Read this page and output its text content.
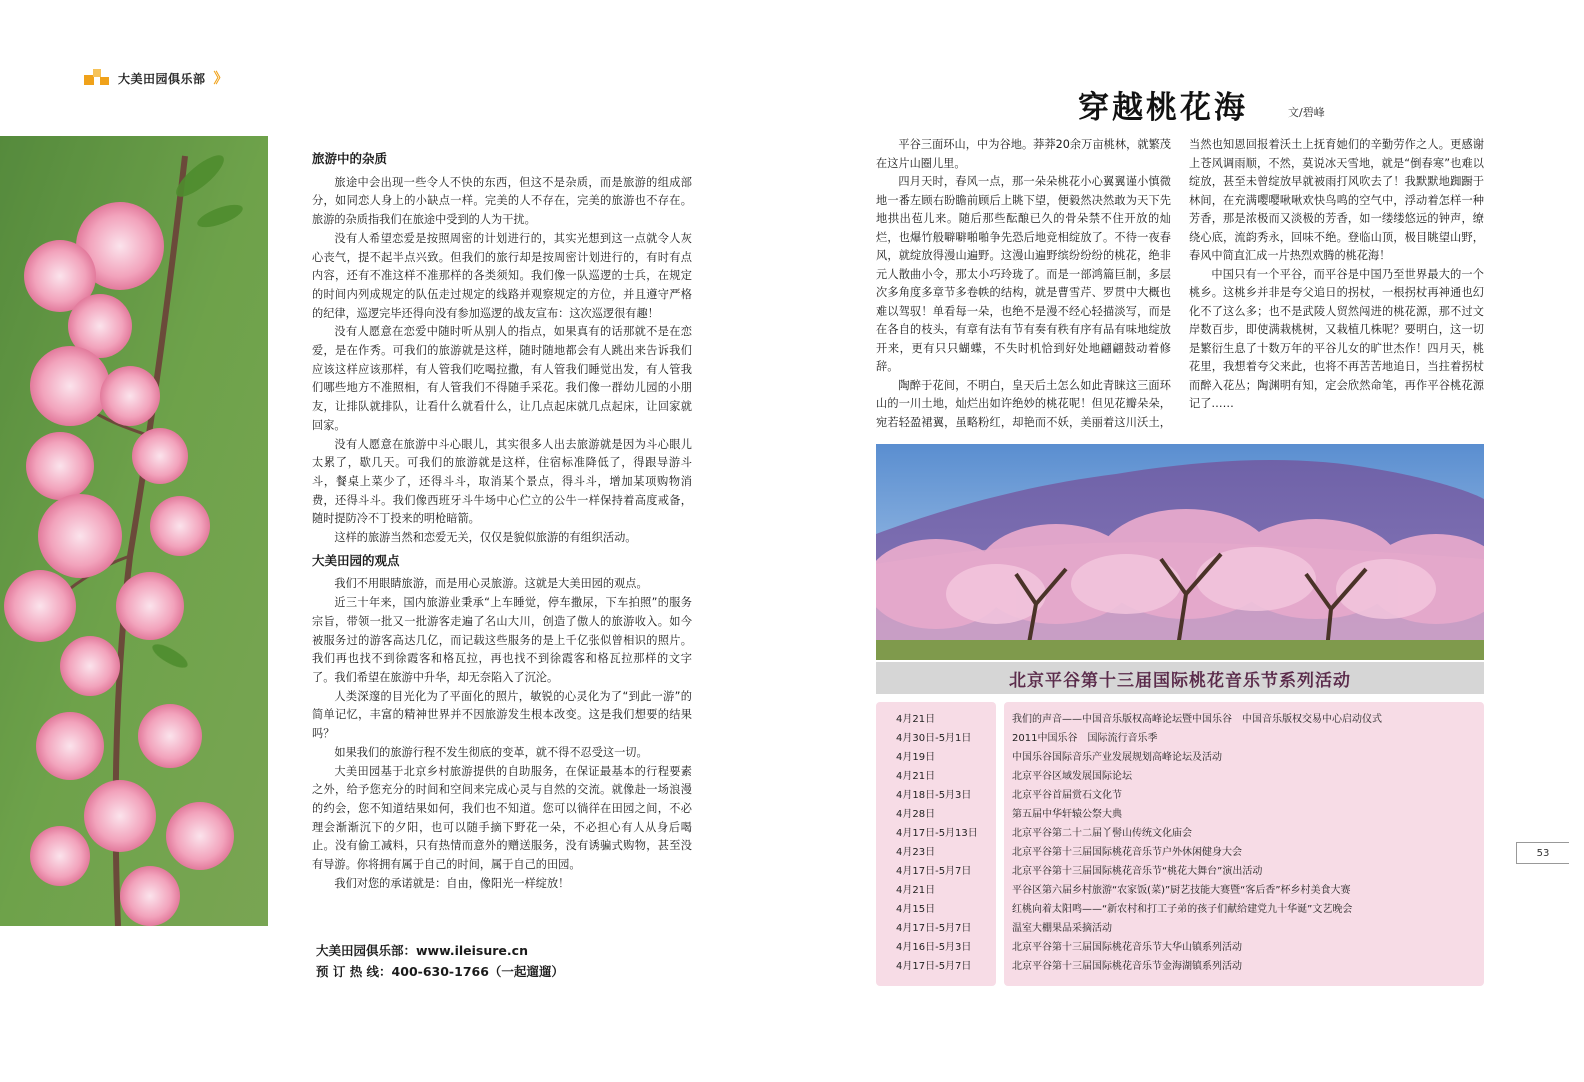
大美田园俱乐部 》

旅游中的杂质

旅途中会出现一些令人不快的东西，但这不是杂质，而是旅游的组成部分，如同恋人身上的小缺点一样。完美的人不存在，完美的旅游也不存在。旅游的杂质指我们在旅途中受到的人为干扰。

没有人希望恋爱是按照周密的计划进行的，其实光想到这一点就令人灰心丧气，提不起半点兴致。但我们的旅行却是按周密计划进行的，有时有点内容，还有不准这样不准那样的各类须知。我们像一队巡逻的士兵，在规定的时间内列成规定的队伍走过规定的线路并观察规定的方位，并且遵守严格的纪律，巡逻完毕还得向没有参加巡逻的战友宣布：这次巡逻很有趣！

没有人愿意在恋爱中随时听从别人的指点，如果真有的话那就不是在恋爱，是在作秀。可我们的旅游就是这样，随时随地都会有人跳出来告诉我们应该这样应该那样，有人管我们吃喝拉撒，有人管我们睡觉出发，有人管我们哪些地方不准照相，有人管我们不得随手采花。我们像一群幼儿园的小朋友，让排队就排队，让看什么就看什么，让几点起床就几点起床，让回家就回家。

没有人愿意在旅游中斗心眼儿，其实很多人出去旅游就是因为斗心眼儿太累了，歇几天。可我们的旅游就是这样，住宿标准降低了，得跟导游斗斗，餐桌上菜少了，还得斗斗，取消某个景点，得斗斗，增加某项购物消费，还得斗斗。我们像西班牙斗牛场中心伫立的公牛一样保持着高度戒备，随时提防冷不丁投来的明枪暗箭。

这样的旅游当然和恋爱无关，仅仅是貌似旅游的有组织活动。

大美田园的观点

我们不用眼睛旅游，而是用心灵旅游。这就是大美田园的观点。

近三十年来，国内旅游业秉承“上车睡觉，停车撒尿，下车拍照”的服务宗旨，带领一批又一批游客走遍了名山大川，创造了傲人的旅游收入。如今被服务过的游客高达几亿，而记载这些服务的是上千亿张似曾相识的照片。我们再也找不到徐霞客和格瓦拉，再也找不到徐霞客和格瓦拉那样的文字了。我们希望在旅游中升华，却无奈陷入了沉沦。

人类深邃的目光化为了平面化的照片，敏锐的心灵化为了“到此一游”的简单记忆，丰富的精神世界并不因旅游发生根本改变。这是我们想要的结果吗？

如果我们的旅游行程不发生彻底的变革，就不得不忍受这一切。

大美田园基于北京乡村旅游提供的自助服务，在保证最基本的行程要素之外，给予您充分的时间和空间来完成心灵与自然的交流。就像赴一场浪漫的约会，您不知道结果如何，我们也不知道。您可以徜徉在田园之间，不必理会渐渐沉下的夕阳，也可以随手摘下野花一朵，不必担心有人从身后喝止。没有偷工减料，只有热情而意外的赠送服务，没有诱骗式购物，甚至没有导游。你将拥有属于自己的时间，属于自己的田园。

我们对您的承诺就是：自由，像阳光一样绽放！

大美田园俱乐部：www.ileisure.cn
预 订 热 线：400-630-1766（一起遛遛）
穿越桃花海	文/碧峰

平谷三面环山，中为谷地。莽莽20余万亩桃林，就繁茂在这片山圈儿里。

四月天时，春风一点，那一朵朵桃花小心翼翼谨小慎微地一番左顾右盼瞻前顾后上眺下望，便毅然决然敢为天下先地拱出苞儿来。随后那些酝酿已久的骨朵禁不住开放的灿烂，也爆竹般噼噼啪啪争先恐后地竞相绽放了。不待一夜春风，就绽放得漫山遍野。这漫山遍野缤纷纷纷的桃花，绝非元人散曲小令，那太小巧玲珑了。而是一部鸿篇巨制，多层次多角度多章节多卷帙的结构，就是曹雪芹、罗贯中大概也难以驾驭！单看每一朵，也绝不是漫不经心轻描淡写，而是在各自的枝头，有章有法有节有奏有秩有序有品有味地绽放开来，更有只只蝴蝶，不失时机恰到好处地翩翩鼓动着修辞。

陶醉于花间，不明白，皇天后土怎么如此青睐这三面环山的一川土地，灿烂出如许绝妙的桃花呢！但见花瓣朵朵，宛若轻盈裙翼，虽略粉红，却艳而不妖，美丽着这川沃土，当然也知恩回报着沃土上抚育她们的辛勤劳作之人。更感谢上苍风调雨顺，不然，莫说冰天雪地，就是“倒春寒”也难以绽放，甚至未曾绽放早就被雨打风吹去了！我默默地踟蹰于林间，在充满嘤嘤啾啾欢快鸟鸣的空气中，浮动着怎样一种芳香，那是浓极而又淡极的芳香，如一缕缕悠远的钟声，缭绕心底，流韵秀永，回味不绝。登临山顶，极目眺望山野，春风中简直汇成一片热烈欢腾的桃花海！

中国只有一个平谷，而平谷是中国乃至世界最大的一个桃乡。这桃乡并非是夸父追日的拐杖，一根拐杖再神通也幻化不了这么多；也不是武陵人贸然闯进的桃花源，那不过文岸数百步，即使满栽桃树，又栽植几株呢？要明白，这一切是繁衍生息了十数万年的平谷儿女的旷世杰作！四月天，桃花里，我想着夸父来此，也将不再苦苦地追日，当拄着拐杖而醉入花丛；陶渊明有知，定会欣然命笔，再作平谷桃花源记了……

北京平谷第十三届国际桃花音乐节系列活动
4月21日
4月30日-5月1日
4月19日
4月21日
4月18日-5月3日
4月28日
4月17日-5月13日
4月23日
4月17日-5月7日
4月21日
4月15日
4月17日-5月7日
4月16日-5月3日
4月17日-5月7日
我们的声音——中国音乐版权高峰论坛暨中国乐谷　中国音乐版权交易中心启动仪式
2011中国乐谷　国际流行音乐季
中国乐谷国际音乐产业发展规划高峰论坛及活动
北京平谷区域发展国际论坛
北京平谷首届赏石文化节
第五届中华轩辕公祭大典
北京平谷第二十二届丫髻山传统文化庙会
北京平谷第十三届国际桃花音乐节户外休闲健身大会
北京平谷第十三届国际桃花音乐节“桃花大舞台”演出活动
平谷区第六届乡村旅游“农家饭(菜)”厨艺技能大赛暨“客后香”杯乡村美食大赛
红桃向着太阳鸣——“新农村和打工子弟的孩子们献给建党九十华诞”文艺晚会
温室大棚果品采摘活动
北京平谷第十三届国际桃花音乐节大华山镇系列活动
北京平谷第十三届国际桃花音乐节金海湖镇系列活动
53
